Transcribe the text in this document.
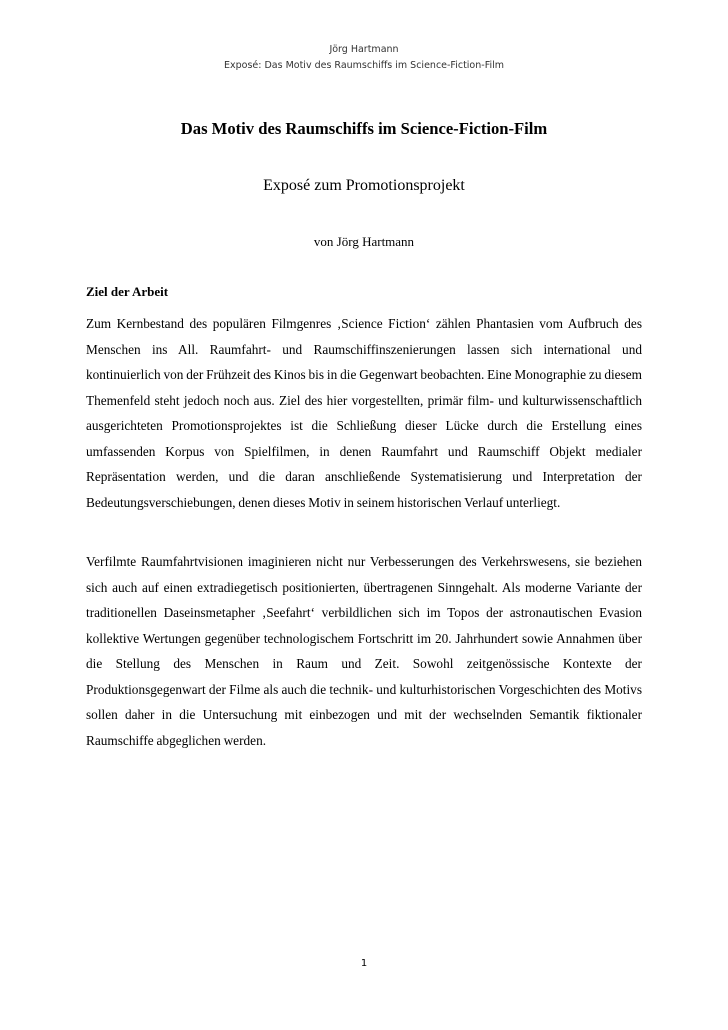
Jörg Hartmann
Exposé: Das Motiv des Raumschiffs im Science-Fiction-Film
Das Motiv des Raumschiffs im Science-Fiction-Film
Exposé zum Promotionsprojekt
von Jörg Hartmann
Ziel der Arbeit

Zum Kernbestand des populären Filmgenres ‚Science Fiction‘ zählen Phantasien vom Aufbruch des Menschen ins All. Raumfahrt- und Raumschiffinszenierungen lassen sich international und kontinuierlich von der Frühzeit des Kinos bis in die Gegenwart beobachten. Eine Monographie zu diesem Themenfeld steht jedoch noch aus. Ziel des hier vorgestellten, primär film- und kulturwissenschaftlich ausgerichteten Promotionsprojektes ist die Schließung dieser Lücke durch die Erstellung eines umfassenden Korpus von Spielfilmen, in denen Raumfahrt und Raumschiff Objekt medialer Repräsentation werden, und die daran anschließende Systematisierung und Interpretation der Bedeutungsverschiebungen, denen dieses Motiv in seinem historischen Verlauf unterliegt.

Verfilmte Raumfahrtvisionen imaginieren nicht nur Verbesserungen des Verkehrswesens, sie beziehen sich auch auf einen extradiegetisch positionierten, übertragenen Sinngehalt. Als moderne Variante der traditionellen Daseinsmetapher ‚Seefahrt‘ verbildlichen sich im Topos der astronautischen Evasion kollektive Wertungen gegenüber technologischem Fortschritt im 20. Jahrhundert sowie Annahmen über die Stellung des Menschen in Raum und Zeit. Sowohl zeitgenössische Kontexte der Produktionsgegenwart der Filme als auch die technik- und kulturhistorischen Vorgeschichten des Motivs sollen daher in die Untersuchung mit einbezogen und mit der wechselnden Semantik fiktionaler Raumschiffe abgeglichen werden.

1
